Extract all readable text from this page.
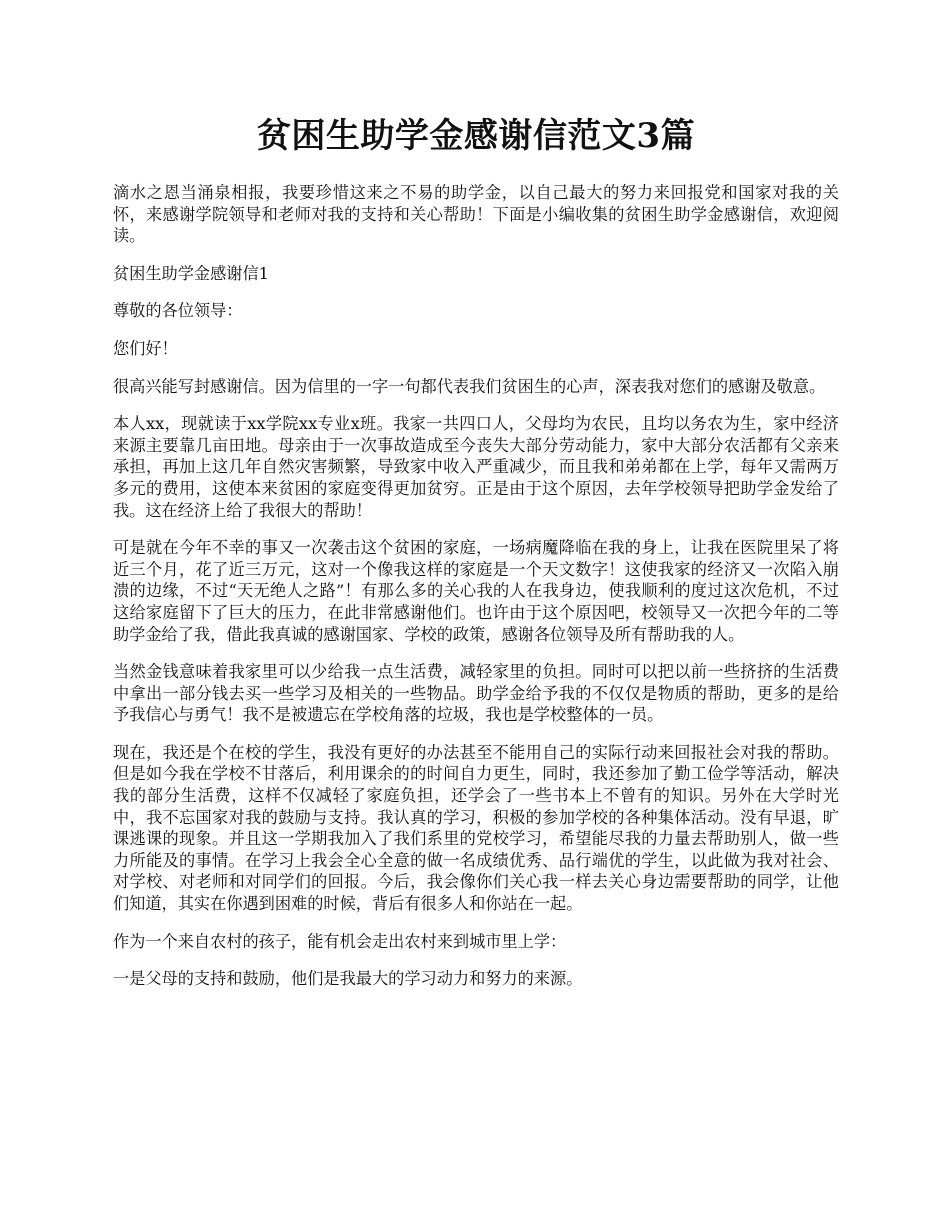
贫困生助学金感谢信范文3篇

滴水之恩当涌泉相报，我要珍惜这来之不易的助学金，以自己最大的努力来回报党和国家对我的关怀，来感谢学院领导和老师对我的支持和关心帮助！下面是小编收集的贫困生助学金感谢信，欢迎阅读。

贫困生助学金感谢信1

尊敬的各位领导：

您们好！

很高兴能写封感谢信。因为信里的一字一句都代表我们贫困生的心声，深表我对您们的感谢及敬意。

本人xx，现就读于xx学院xx专业x班。我家一共四口人，父母均为农民，且均以务农为生，家中经济来源主要靠几亩田地。母亲由于一次事故造成至今丧失大部分劳动能力，家中大部分农活都有父亲来承担，再加上这几年自然灾害频繁，导致家中收入严重减少，而且我和弟弟都在上学，每年又需两万多元的费用，这使本来贫困的家庭变得更加贫穷。正是由于这个原因，去年学校领导把助学金发给了我。这在经济上给了我很大的帮助！

可是就在今年不幸的事又一次袭击这个贫困的家庭，一场病魔降临在我的身上，让我在医院里呆了将近三个月，花了近三万元，这对一个像我这样的家庭是一个天文数字！这使我家的经济又一次陷入崩溃的边缘，不过“天无绝人之路”！有那么多的关心我的人在我身边，使我顺利的度过这次危机，不过这给家庭留下了巨大的压力，在此非常感谢他们。也许由于这个原因吧，校领导又一次把今年的二等助学金给了我，借此我真诚的感谢国家、学校的政策，感谢各位领导及所有帮助我的人。

当然金钱意味着我家里可以少给我一点生活费，减轻家里的负担。同时可以把以前一些挤挤的生活费中拿出一部分钱去买一些学习及相关的一些物品。助学金给予我的不仅仅是物质的帮助，更多的是给予我信心与勇气！我不是被遗忘在学校角落的垃圾，我也是学校整体的一员。

现在，我还是个在校的学生，我没有更好的办法甚至不能用自己的实际行动来回报社会对我的帮助。但是如今我在学校不甘落后，利用课余的的时间自力更生，同时，我还参加了勤工俭学等活动，解决我的部分生活费，这样不仅减轻了家庭负担，还学会了一些书本上不曾有的知识。另外在大学时光中，我不忘国家对我的鼓励与支持。我认真的学习，积极的参加学校的各种集体活动。没有早退，旷课逃课的现象。并且这一学期我加入了我们系里的党校学习，希望能尽我的力量去帮助别人，做一些力所能及的事情。在学习上我会全心全意的做一名成绩优秀、品行端优的学生，以此做为我对社会、对学校、对老师和对同学们的回报。今后，我会像你们关心我一样去关心身边需要帮助的同学，让他们知道，其实在你遇到困难的时候，背后有很多人和你站在一起。

作为一个来自农村的孩子，能有机会走出农村来到城市里上学：

一是父母的支持和鼓励，他们是我最大的学习动力和努力的来源。
